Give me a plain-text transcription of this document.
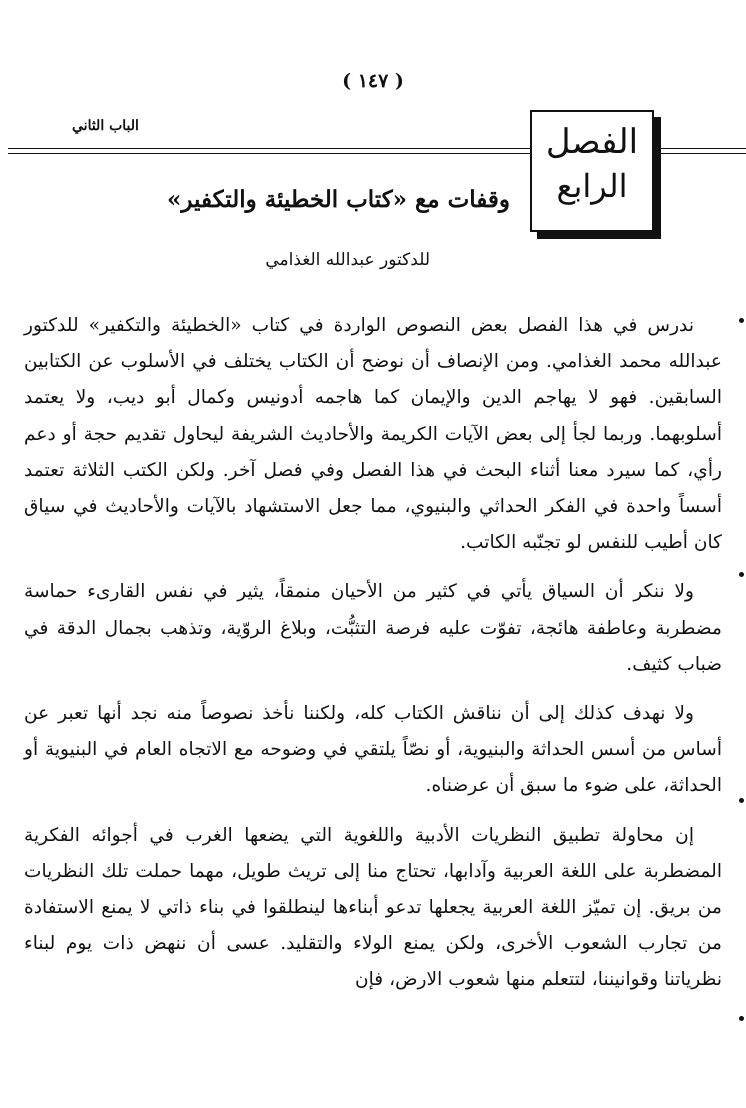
( ١٤٧ )
الباب الثاني	الفصل
الرابع
وقفات مع «كتاب الخطيئة والتكفير»
للدكتور عبدالله الغذامي

ندرس في هذا الفصل بعض النصوص الواردة في كتاب «الخطيئة والتكفير» للدكتور عبدالله محمد الغذامي. ومن الإنصاف أن نوضح أن الكتاب يختلف في الأسلوب عن الكتابين السابقين. فهو لا يهاجم الدين والإيمان كما هاجمه أدونيس وكمال أبو ديب، ولا يعتمد أسلوبهما. وربما لجأ إلى بعض الآيات الكريمة والأحاديث الشريفة ليحاول تقديم حجة أو دعم رأي، كما سيرد معنا أثناء البحث في هذا الفصل وفي فصل آخر. ولكن الكتب الثلاثة تعتمد أسساً واحدة في الفكر الحداثي والبنيوي، مما جعل الاستشهاد بالآيات والأحاديث في سياق كان أطيب للنفس لو تجنّبه الكاتب.

ولا ننكر أن السياق يأتي في كثير من الأحيان منمقاً، يثير في نفس القارىء حماسة مضطربة وعاطفة هائجة، تفوّت عليه فرصة التثبُّت، وبلاغ الروّية، وتذهب بجمال الدقة في ضباب كثيف.

ولا نهدف كذلك إلى أن نناقش الكتاب كله، ولكننا نأخذ نصوصاً منه نجد أنها تعبر عن أساس من أسس الحداثة والبنيوية، أو نصّاً يلتقي في وضوحه مع الاتجاه العام في البنيوية أو الحداثة، على ضوء ما سبق أن عرضناه.

إن محاولة تطبيق النظريات الأدبية واللغوية التي يضعها الغرب في أجوائه الفكرية المضطربة على اللغة العربية وآدابها، تحتاج منا إلى تريث طويل، مهما حملت تلك النظريات من بريق. إن تميّز اللغة العربية يجعلها تدعو أبناءها لينطلقوا في بناء ذاتي لا يمنع الاستفادة من تجارب الشعوب الأخرى، ولكن يمنع الولاء والتقليد. عسى أن ننهض ذات يوم لبناء نظرياتنا وقوانيننا، لتتعلم منها شعوب الارض، فإن
